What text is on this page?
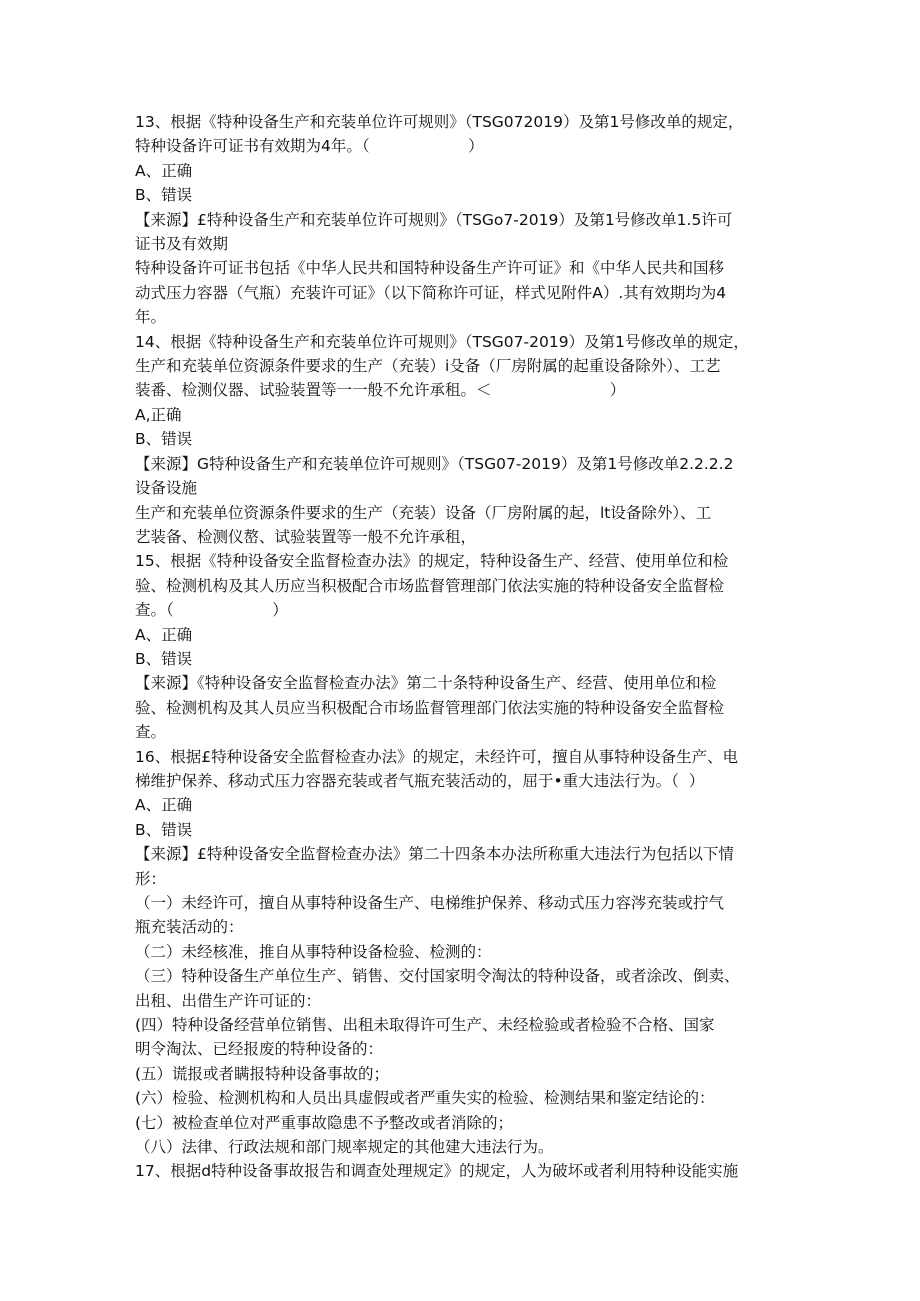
13、根据《特种设备生产和充装单位许可规则》（TSG072019）及第1号修改单的规定，

特种设备许可证书有效期为4年。（                    ）

A、正确

B、错误

【来源】£特种设备生产和充装单位许可规则》（TSGo7-2019）及第1号修改单1.5许可

证书及有效期

特种设备许可证书包括《中华人民共和国特种设备生产许可证》和《中华人民共和国移

动式压力容器（气瓶）充装许可证》（以下简称许可证，样式见附件A）.其有效期均为4

年。

14、根据《特种设备生产和充装单位许可规则》（TSG07-2019）及第1号修改单的规定，

生产和充装单位资源条件要求的生产（充装）i殳备（厂房附属的起重设备除外）、工艺

装番、检测仪器、试验装置等一一般不允许承租。＜                        ）

A,正确

B、错误

【来源】G特种设备生产和充装单位许可规则》（TSG07-2019）及第1号修改单2.2.2.2

设备设施

生产和充装单位资源条件要求的生产（充装）设备（厂房附属的起，lt设备除外）、工

艺装备、检测仪嶅、试验装置等一般不允许承租，

15、根据《特种设备安全监督检查办法》的规定，特种设备生产、经营、使用单位和检

验、检测机构及其人历应当积极配合市场监督管理部门依法实施的特种设备安全监督检

查。（                    ）

A、正确

B、错误

【来源】《特种设备安全监督检查办法》第二十条特种设备生产、经营、使用单位和检

验、检测机构及其人员应当积极配合市场监督管理部门依法实施的特种设备安全监督检

查。

16、根据£特种设备安全监督检查办法》的规定，未经许可，擅自从事特种设备生产、电

梯维护保养、移动式压力容器充装或者气瓶充装活动的，屈于•重大违法行为。（  ）

A、正确

B、错误

【来源】£特种设备安全监督检查办法》第二十四条本办法所称重大违法行为包括以下情

形：

（一）未经许可，擅自从事特种设备生产、电梯维护保养、移动式压力容涔充装或拧气

瓶充装活动的：

（二）未经核准，推自从事特种设备检验、检测的：

（三）特种设备生产单位生产、销售、交付国家明令淘汰的特种设备，或者涂改、倒卖、

出租、出借生产许可证的：

(四）特种设备经营单位销售、出租未取得许可生产、未经检验或者检验不合格、国家

明令淘汰、已经报废的特种设备的：

(五）谎报或者瞒报特种设备事故的；

(六）检验、检测机构和人员出具虚假或者严重失实的检验、检测结果和鉴定结论的：

(七）被检查单位对严重事故隐患不予整改或者消除的；

（八）法律、行政法规和部门规率规定的其他建大违法行为。

17、根据d特种设备事故报告和调查处理规定》的规定，人为破坏或者利用特种设能实施
